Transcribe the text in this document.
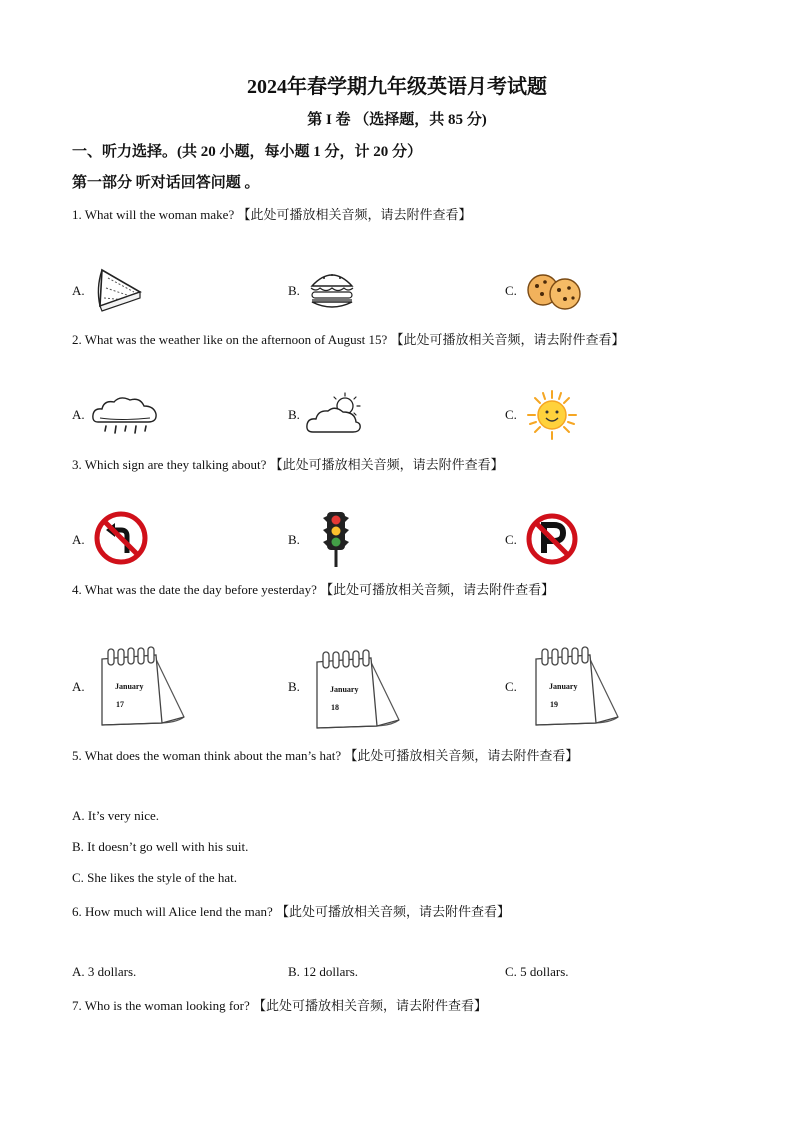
2024年春学期九年级英语月考试题
第 I 卷 （选择题，共 85 分)
一、听力选择。(共 20 小题，每小题 1 分，计 20 分）
第一部分 听对话回答问题 。
1. What will the woman make? 【此处可播放相关音频，请去附件查看】
A.	B.	C.
2. What was the weather like on the afternoon of August 15? 【此处可播放相关音频，请去附件查看】
A.	B.	C.
3. Which sign are they talking about? 【此处可播放相关音频，请去附件查看】
A.	B.	C.
4. What was the date the day before yesterday? 【此处可播放相关音频，请去附件查看】
A.	January
17
B.	January
18
C.	January
19
5. What does the woman think about the man’s hat? 【此处可播放相关音频，请去附件查看】
A. It’s very nice.
B. It doesn’t go well with his suit.
C. She likes the style of the hat.
6. How much will Alice lend the man? 【此处可播放相关音频，请去附件查看】
A. 3 dollars.	B. 12 dollars.	C. 5 dollars.
7. Who is the woman looking for? 【此处可播放相关音频，请去附件查看】
